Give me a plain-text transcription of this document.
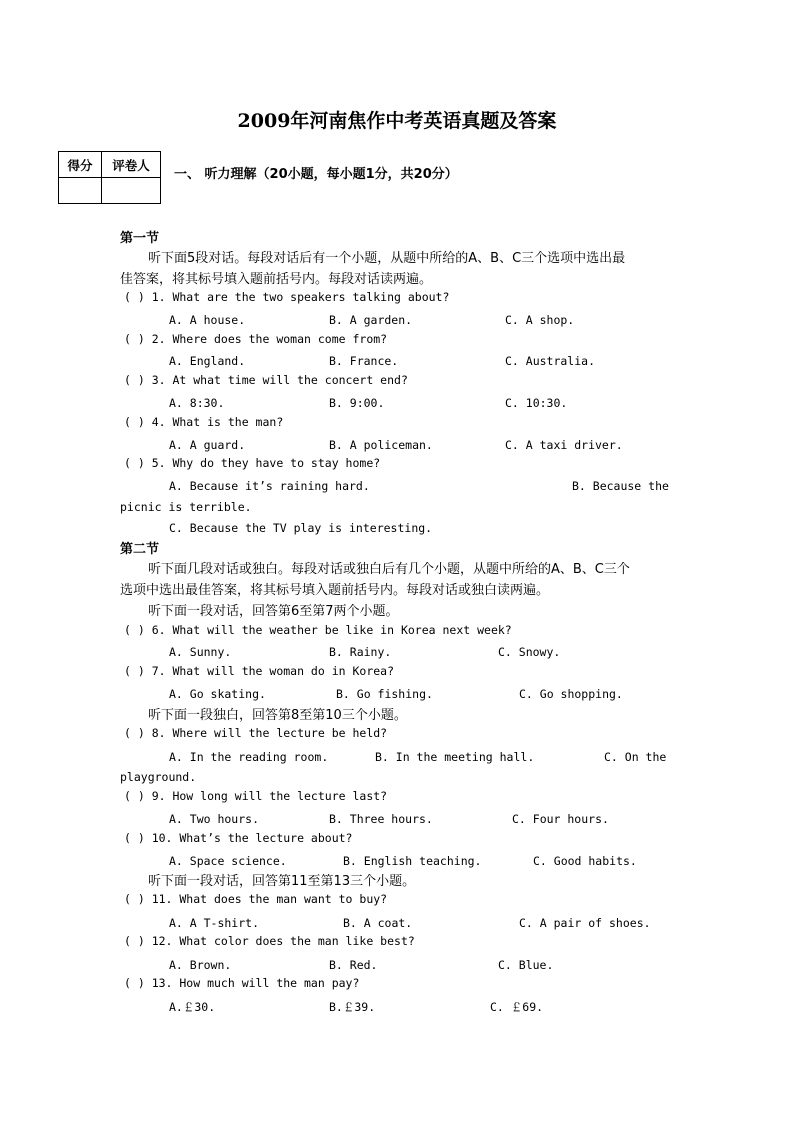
2009年河南焦作中考英语真题及答案
得分	评卷人

一、 听力理解（20小题，每小题1分，共20分）
第一节
听下面5段对话。每段对话后有一个小题，从题中所给的A、B、C三个选项中选出最
佳答案，将其标号填入题前括号内。每段对话读两遍。
( ) 1. What are the two speakers talking about?
A. A house.	B. A garden.	C. A shop.
( ) 2. Where does the woman come from?
A. England.	B. France.	C. Australia.
( ) 3. At what time will the concert end?
A. 8:30.	B. 9:00.	C. 10:30.
( ) 4. What is the man?
A. A guard.	B. A policeman.	C. A taxi driver.
( ) 5. Why do they have to stay home?
A. Because it’s raining hard.	B. Because the
picnic is terrible.
C. Because the TV play is interesting.
第二节
听下面几段对话或独白。每段对话或独白后有几个小题，从题中所给的A、B、C三个
选项中选出最佳答案，将其标号填入题前括号内。每段对话或独白读两遍。
听下面一段对话，回答第6至第7两个小题。
( ) 6. What will the weather be like in Korea next week?
A. Sunny.	B. Rainy.	C. Snowy.
( ) 7. What will the woman do in Korea?
A. Go skating.	B. Go fishing.	C. Go shopping.
听下面一段独白，回答第8至第10三个小题。
( ) 8. Where will the lecture be held?
A. In the reading room.	B. In the meeting hall.	C. On the
playground.
( ) 9. How long will the lecture last?
A. Two hours.	B. Three hours.	C. Four hours.
( ) 10. What’s the lecture about?
A. Space science.	B. English teaching.	C. Good habits.
听下面一段对话，回答第11至第13三个小题。
( ) 11. What does the man want to buy?
A. A T-shirt.	B. A coat.	C. A pair of shoes.
( ) 12. What color does the man like best?
A. Brown.	B. Red.	C. Blue.
( ) 13. How much will the man pay?
A.￡30.	B.￡39.	C. ￡69.
